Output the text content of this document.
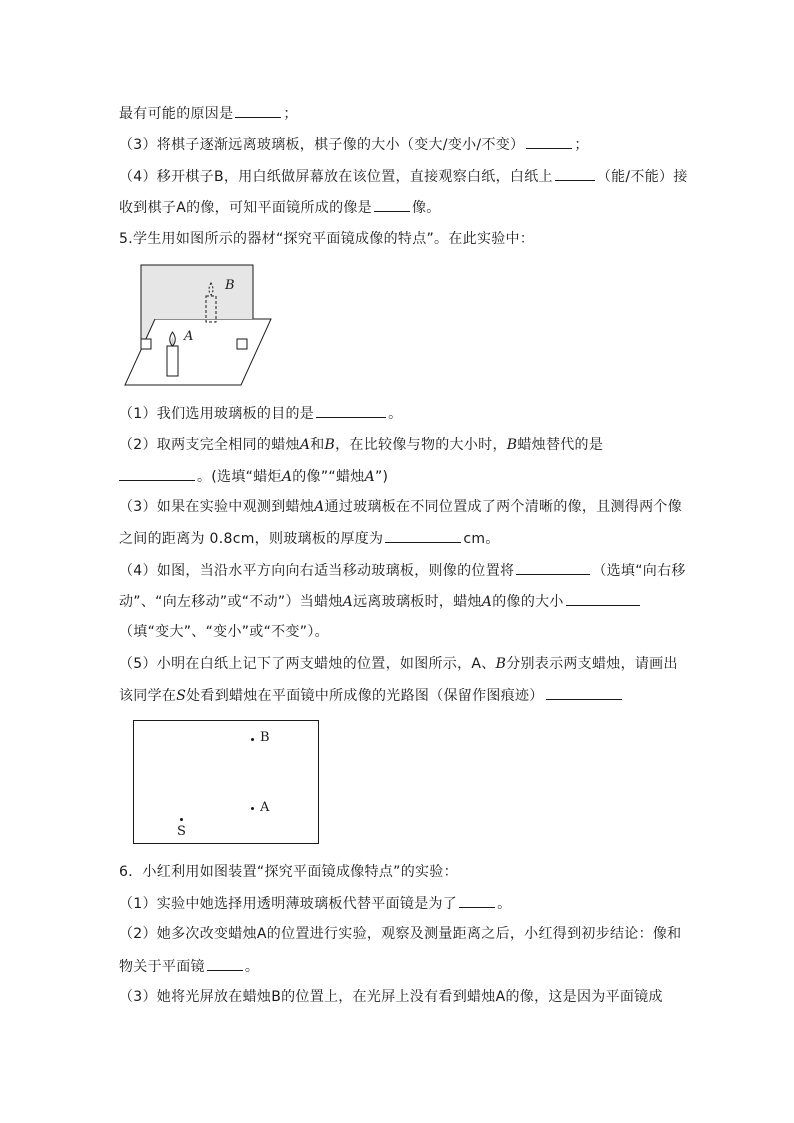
最有可能的原因是	；
（3）将棋子逐渐远离玻璃板，棋子像的大小（变大/变小/不变）	；
（4）移开棋子B，用白纸做屏幕放在该位置，直接观察白纸，白纸上	（能/不能）接
收到棋子A的像，可知平面镜所成的像是	像。
5.学生用如图所示的器材“探究平面镜成像的特点”。在此实验中：
B
A
（1）我们选用玻璃板的目的是	。
（2）取两支完全相同的蜡烛A和B，在比较像与物的大小时，B蜡烛替代的是
。(选填“蜡炬A的像”“蜡烛A”)
（3）如果在实验中观测到蜡烛A通过玻璃板在不同位置成了两个清晰的像，且测得两个像
之间的距离为 0.8cm，则玻璃板的厚度为	cm。
（4）如图，当沿水平方向向右适当移动玻璃板，则像的位置将	（选填“向右移
动”、“向左移动”或“不动”）当蜡烛A远离玻璃板时，蜡烛A的像的大小
（填“变大”、“变小”或“不变”）。
（5）小明在白纸上记下了两支蜡烛的位置，如图所示，A、B分别表示两支蜡烛，请画出
该同学在S处看到蜡烛在平面镜中所成像的光路图（保留作图痕迹）
B
A
S
6．小红利用如图装置“探究平面镜成像特点”的实验：
（1）实验中她选择用透明薄玻璃板代替平面镜是为了	。
（2）她多次改变蜡烛A的位置进行实验，观察及测量距离之后，小红得到初步结论：像和
物关于平面镜	。
（3）她将光屏放在蜡烛B的位置上，在光屏上没有看到蜡烛A的像，这是因为平面镜成
